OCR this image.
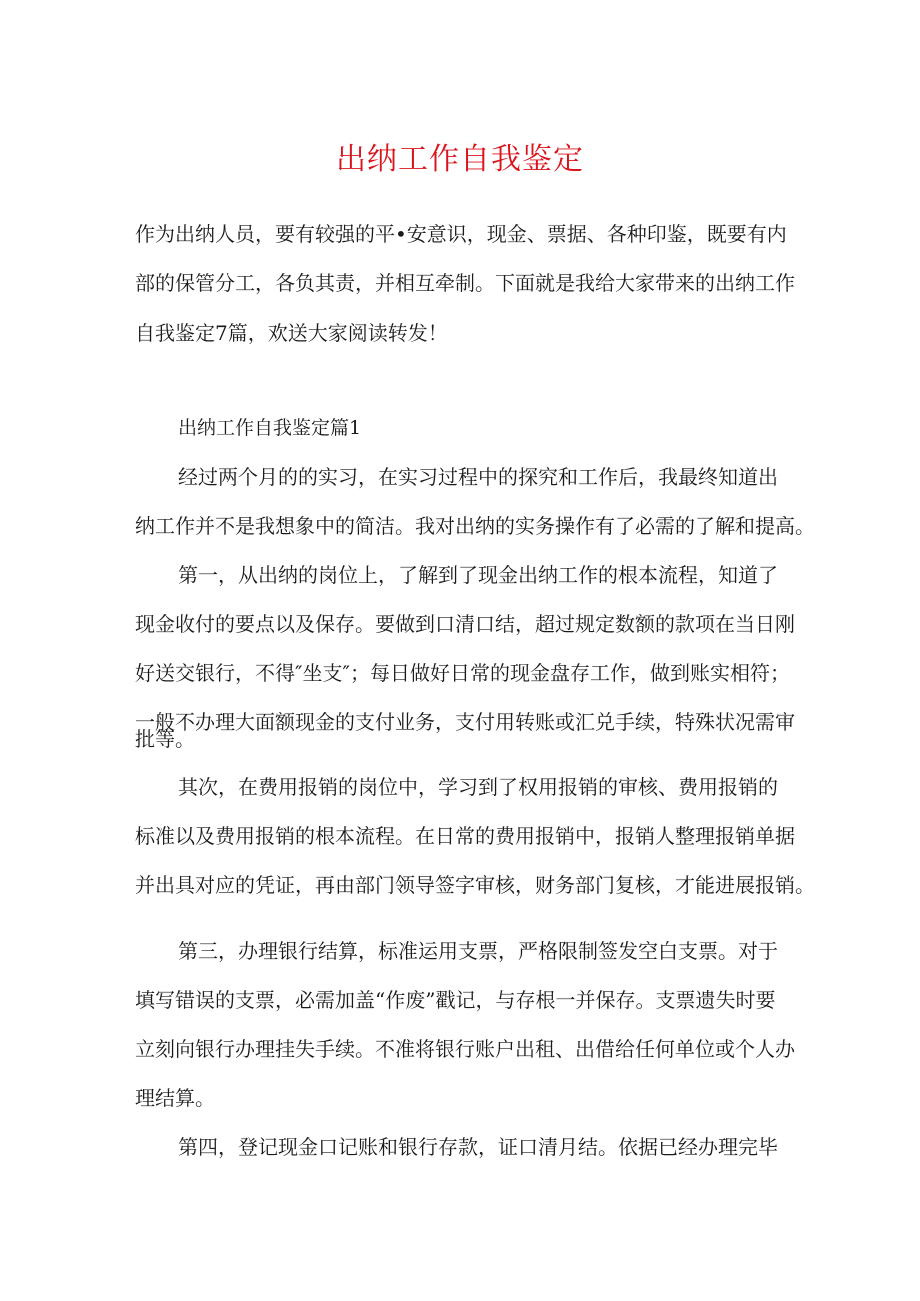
出纳工作自我鉴定

作为出纳人员，要有较强的平•安意识，现金、票据、各种印鉴，既要有内

部的保管分工，各负其责，并相互牵制。下面就是我给大家带来的出纳工作

自我鉴定7篇，欢送大家阅读转发！

出纳工作自我鉴定篇1

经过两个月的的实习，在实习过程中的探究和工作后，我最终知道出

纳工作并不是我想象中的简洁。我对出纳的实务操作有了必需的了解和提高。

第一，从出纳的岗位上，了解到了现金出纳工作的根本流程，知道了

现金收付的要点以及保存。要做到口清口结，超过规定数额的款项在当日刚

好送交银行，不得″坐支″；每日做好日常的现金盘存工作，做到账实相符；

一般不办理大面额现金的支付业务，支付用转账或汇兑手续，特殊状况需审

批等。

其次，在费用报销的岗位中，学习到了权用报销的审核、费用报销的

标准以及费用报销的根本流程。在日常的费用报销中，报销人整理报销单据

并出具对应的凭证，再由部门领导签字审核，财务部门复核，才能进展报销。

第三，办理银行结算，标准运用支票，严格限制签发空白支票。对于

填写错误的支票，必需加盖“作废”戳记，与存根一并保存。支票遗失时要

立刻向银行办理挂失手续。不准将银行账户出租、出借给任何单位或个人办

理结算。

第四，登记现金口记账和银行存款，证口清月结。依据已经办理完毕
